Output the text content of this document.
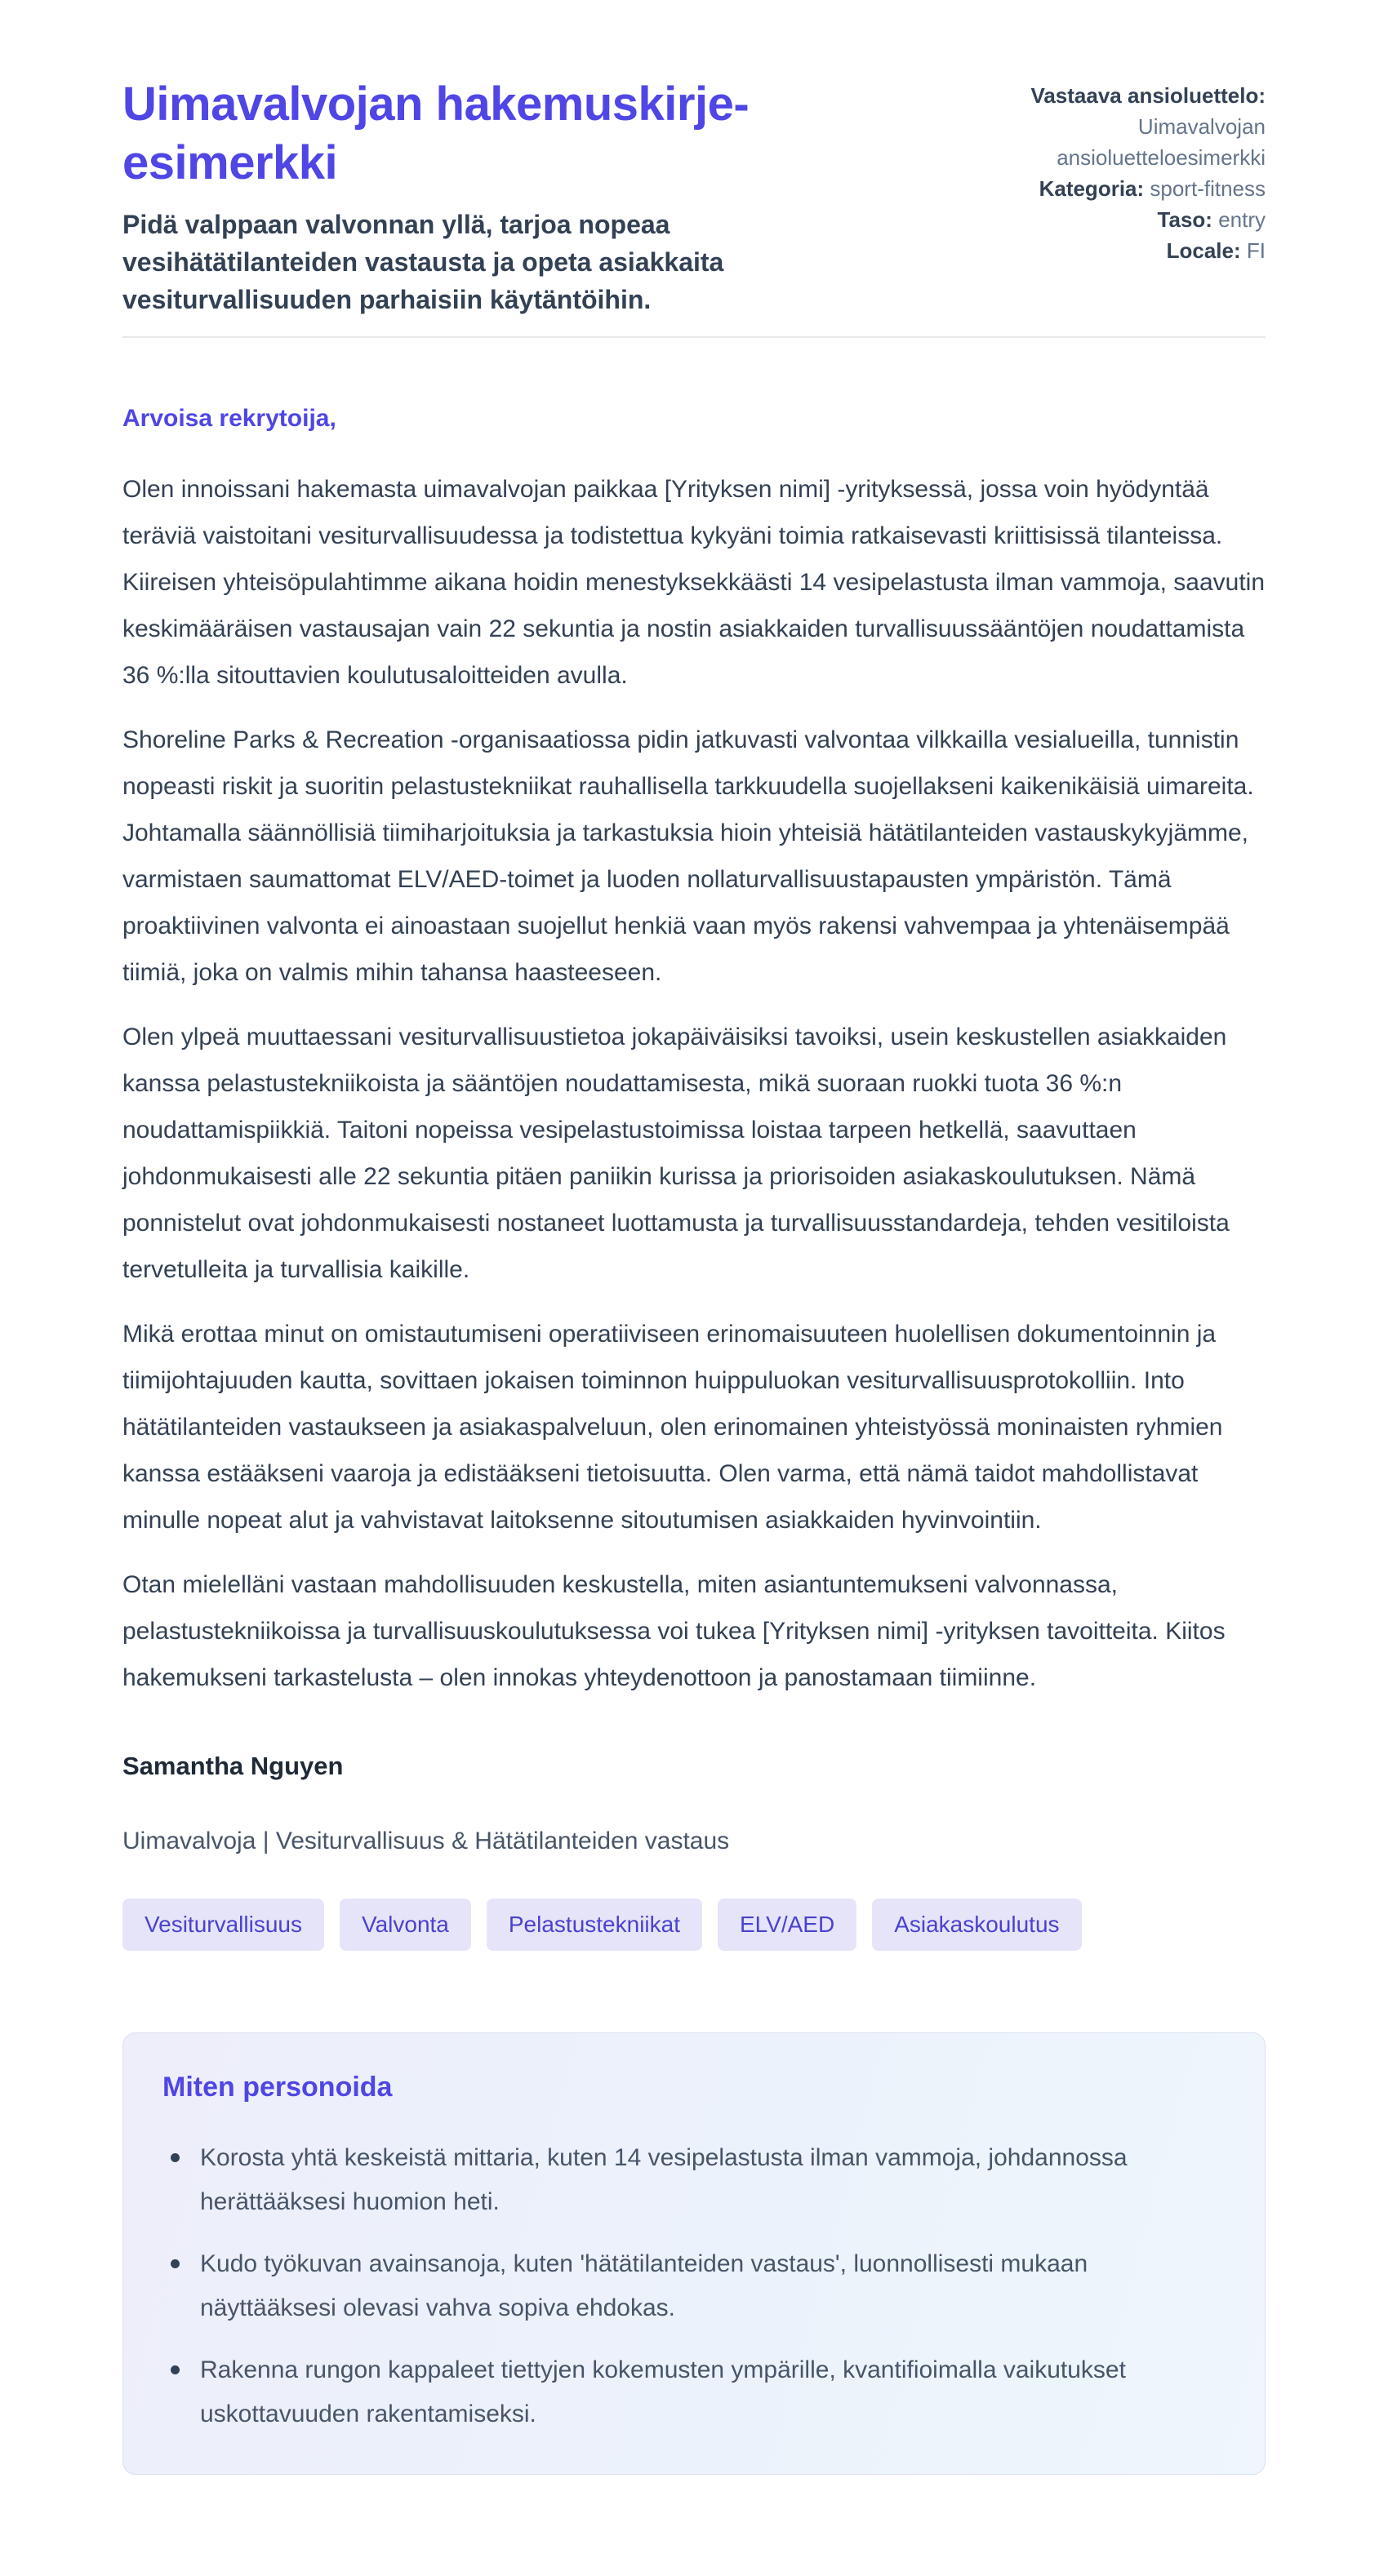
Uimavalvojan hakemuskirje-esimerkki

Pidä valppaan valvonnan yllä, tarjoa nopeaa vesihätätilanteiden vastausta ja opeta asiakkaita vesiturvallisuuden parhaisiin käytäntöihin.

Vastaava ansioluettelo: Uimavalvojan ansioluetteloesimerkki

Kategoria: sport-fitness

Taso: entry

Locale: FI

Arvoisa rekrytoija,

Olen innoissani hakemasta uimavalvojan paikkaa [Yrityksen nimi] -yrityksessä, jossa voin hyödyntää teräviä vaistoitani vesiturvallisuudessa ja todistettua kykyäni toimia ratkaisevasti kriittisissä tilanteissa. Kiireisen yhteisöpulahtimme aikana hoidin menestyksekkäästi 14 vesipelastusta ilman vammoja, saavutin keskimääräisen vastausajan vain 22 sekuntia ja nostin asiakkaiden turvallisuussääntöjen noudattamista 36 %:lla sitouttavien koulutusaloitteiden avulla.

Shoreline Parks & Recreation -organisaatiossa pidin jatkuvasti valvontaa vilkkailla vesialueilla, tunnistin nopeasti riskit ja suoritin pelastustekniikat rauhallisella tarkkuudella suojellakseni kaikenikäisiä uimareita. Johtamalla säännöllisiä tiimiharjoituksia ja tarkastuksia hioin yhteisiä hätätilanteiden vastauskykyjämme, varmistaen saumattomat ELV/AED-toimet ja luoden nollaturvallisuustapausten ympäristön. Tämä proaktiivinen valvonta ei ainoastaan suojellut henkiä vaan myös rakensi vahvempaa ja yhtenäisempää tiimiä, joka on valmis mihin tahansa haasteeseen.

Olen ylpeä muuttaessani vesiturvallisuustietoa jokapäiväisiksi tavoiksi, usein keskustellen asiakkaiden kanssa pelastustekniikoista ja sääntöjen noudattamisesta, mikä suoraan ruokki tuota 36 %:n noudattamispiikkiä. Taitoni nopeissa vesipelastustoimissa loistaa tarpeen hetkellä, saavuttaen johdonmukaisesti alle 22 sekuntia pitäen paniikin kurissa ja priorisoiden asiakaskoulutuksen. Nämä ponnistelut ovat johdonmukaisesti nostaneet luottamusta ja turvallisuusstandardeja, tehden vesitiloista tervetulleita ja turvallisia kaikille.

Mikä erottaa minut on omistautumiseni operatiiviseen erinomaisuuteen huolellisen dokumentoinnin ja tiimijohtajuuden kautta, sovittaen jokaisen toiminnon huippuluokan vesiturvallisuusprotokolliin. Into hätätilanteiden vastaukseen ja asiakaspalveluun, olen erinomainen yhteistyössä moninaisten ryhmien kanssa estääkseni vaaroja ja edistääkseni tietoisuutta. Olen varma, että nämä taidot mahdollistavat minulle nopeat alut ja vahvistavat laitoksenne sitoutumisen asiakkaiden hyvinvointiin.

Otan mielelläni vastaan mahdollisuuden keskustella, miten asiantuntemukseni valvonnassa, pelastustekniikoissa ja turvallisuuskoulutuksessa voi tukea [Yrityksen nimi] -yrityksen tavoitteita. Kiitos hakemukseni tarkastelusta – olen innokas yhteydenottoon ja panostamaan tiimiinne.

Samantha Nguyen

Uimavalvoja | Vesiturvallisuus & Hätätilanteiden vastaus

Vesiturvallisuus	Valvonta	Pelastustekniikat	ELV/AED	Asiakaskoulutus
Miten personoida
Korosta yhtä keskeistä mittaria, kuten 14 vesipelastusta ilman vammoja, johdannossa herättääksesi huomion heti.
Kudo työkuvan avainsanoja, kuten 'hätätilanteiden vastaus', luonnollisesti mukaan näyttääksesi olevasi vahva sopiva ehdokas.
Rakenna rungon kappaleet tiettyjen kokemusten ympärille, kvantifioimalla vaikutukset uskottavuuden rakentamiseksi.
